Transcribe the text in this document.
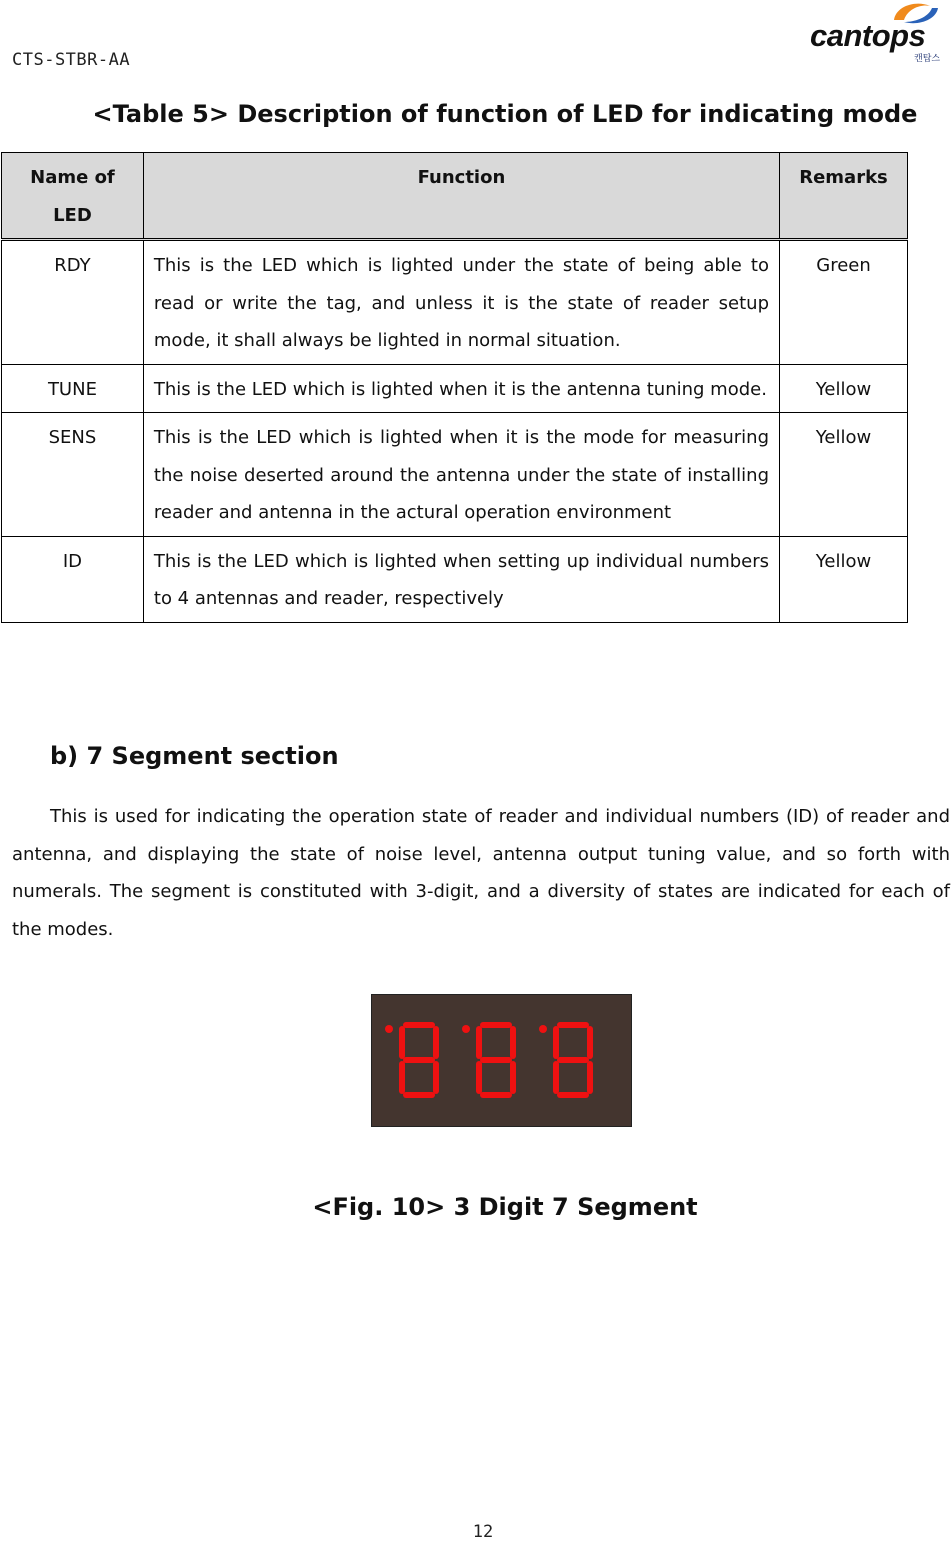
CTS-STBR-AA
cantops
캔탑스
<Table 5> Description of function of LED for indicating mode
Name of LED	Function	Remarks
RDY	This is the LED which is lighted under the state of being able to read or write the tag, and unless it is the state of reader setup mode, it shall always be lighted in normal situation.	Green
TUNE	This is the LED which is lighted when it is the antenna tuning mode.	Yellow
SENS	This is the LED which is lighted when it is the mode for measuring the noise deserted around the antenna under the state of installing reader and antenna in the actural operation environment	Yellow
ID	This is the LED which is lighted when setting up individual numbers to 4 antennas and reader, respectively	Yellow
b) 7 Segment section
This is used for indicating the operation state of reader and individual numbers (ID) of reader and antenna, and displaying the state of noise level, antenna output tuning value, and so forth with numerals. The segment is constituted with 3-digit, and a diversity of states are indicated for each of the modes.
<Fig. 10> 3 Digit 7 Segment
12
